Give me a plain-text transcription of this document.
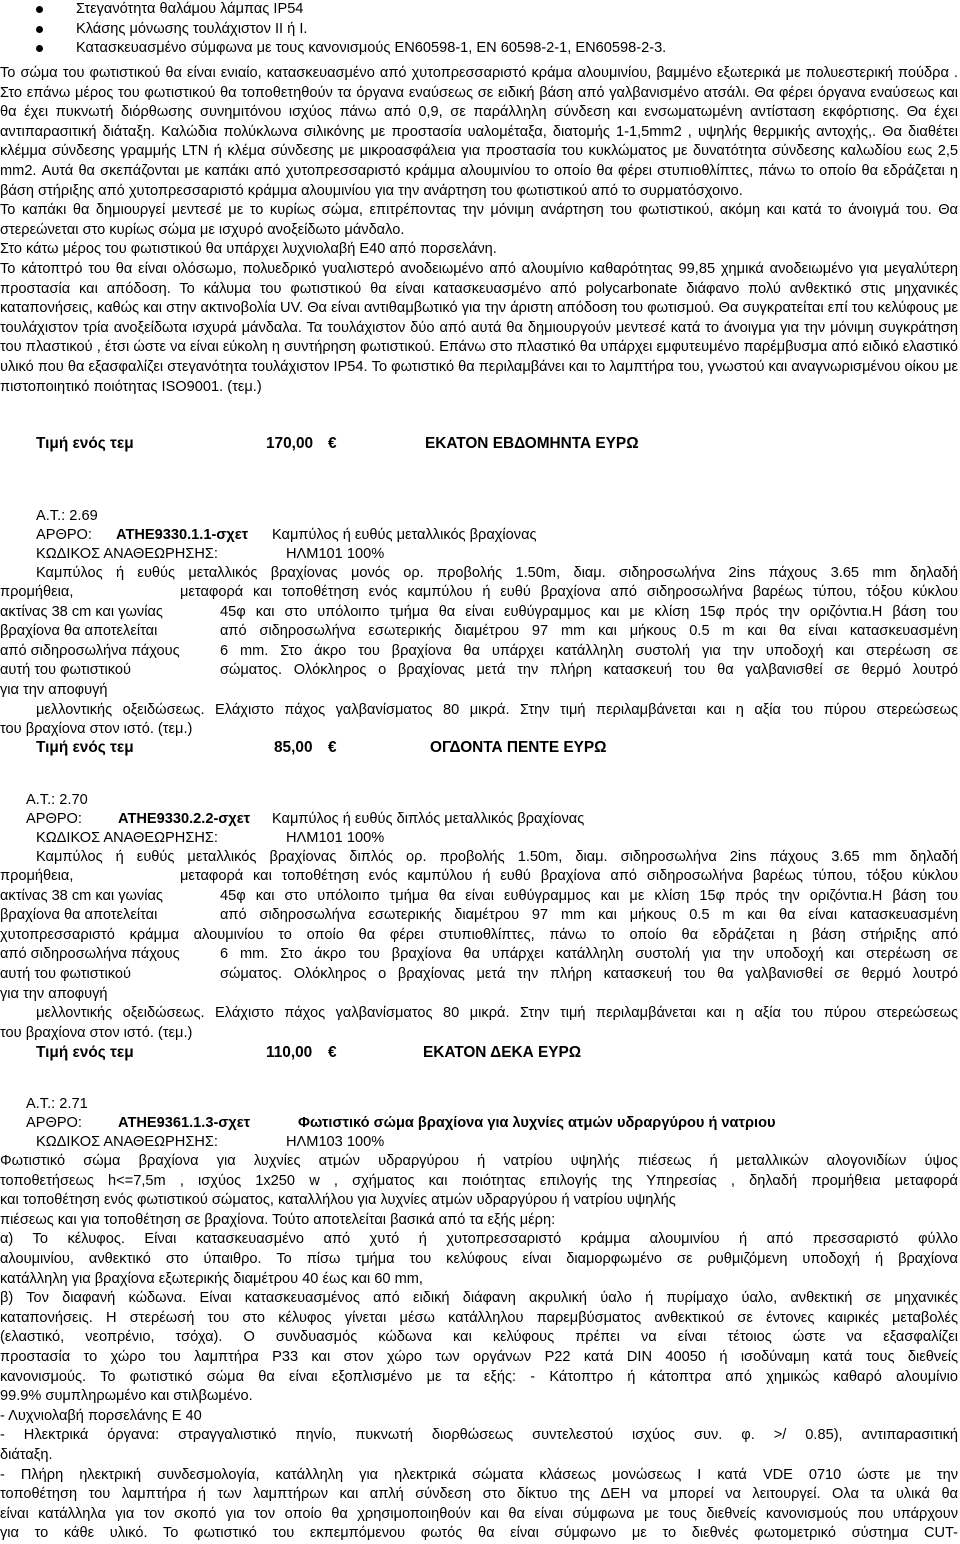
Στεγανότητα θαλάμου λάμπας IP54
Κλάσης μόνωσης τουλάχιστον II ή I.
Κατασκευασμένο σύμφωνα με τους κανονισμούς EN60598-1, EN 60598-2-1, EN60598-2-3.

Το σώμα του φωτιστικού θα είναι ενιαίο, κατασκευασμένο από χυτοπρεσσαριστό κράμα αλουμινίου, βαμμένο εξωτερικά με πολυεστερική πούδρα . Στο επάνω μέρος του φωτιστικού θα τοποθετηθούν τα όργανα εναύσεως σε ειδική βάση από γαλβανισμένο ατσάλι. Θα φέρει όργανα εναύσεως και θα έχει πυκνωτή διόρθωσης συνημιτόνου ισχύος πάνω από 0,9, σε παράλληλη σύνδεση και ενσωματωμένη αντίσταση εκφόρτισης. Θα έχει αντιπαρασιτική διάταξη. Καλώδια πολύκλωνα σιλικόνης με προστασία υαλομέταξα, διατομής 1-1,5mm2 , υψηλής θερμικής αντοχής,. Θα διαθέτει κλέμμα σύνδεσης γραμμής LTN ή κλέμα σύνδεσης με μικροασφάλεια για προστασία του κυκλώματος με δυνατότητα σύνδεσης καλωδίου εως 2,5 mm2. Αυτά θα σκεπάζονται με καπάκι από χυτοπρεσσαριστό κράμμα αλουμινίου το οποίο θα φέρει στυπιοθλίπτες, πάνω το οποίο θα εδράζεται η βάση στήριξης από χυτοπρεσσαριστό κράμμα αλουμινίου για την ανάρτηση του φωτιστικού από το συρματόσχοινο.

Το καπάκι θα δημιουργεί μεντεσέ με το κυρίως σώμα, επιτρέποντας την μόνιμη ανάρτηση του φωτιστικού, ακόμη και κατά το άνοιγμά του. Θα στερεώνεται στο κυρίως σώμα με ισχυρό ανοξείδωτο μάνδαλο.

Στο κάτω μέρος του φωτιστικού θα υπάρχει λυχνιολαβή Ε40 από πορσελάνη.

Το κάτοπτρό του θα είναι ολόσωμο, πολυεδρικό γυαλιστερό ανοδειωμένο από αλουμίνιο καθαρότητας 99,85 χημικά ανοδειωμένο για μεγαλύτερη προστασία και απόδοση. Το κάλυμα του φωτιστικού θα είναι κατασκευασμένο από polycarbonate διάφανο πολύ ανθεκτικό στις μηχανικές καταπονήσεις, καθώς και στην ακτινοβολία UV. Θα είναι αντιθαμβωτικό για την άριστη απόδοση του φωτισμού. Θα συγκρατείται επί του κελύφους με τουλάχιστον τρία ανοξείδωτα ισχυρά μάνδαλα. Τα τουλάχιστον δύο από αυτά θα δημιουργούν μεντεσέ κατά το άνοιγμα για την μόνιμη συγκράτηση του πλαστικού , έτσι ώστε να είναι εύκολη η συντήρηση φωτιστικού. Επάνω στο πλαστικό θα υπάρχει εμφυτευμένο παρέμβυσμα από ειδικό ελαστικό υλικό που θα εξασφαλίζει στεγανότητα τουλάχιστον IP54. Το φωτιστικό θα περιλαμβάνει και το λαμπτήρα του, γνωστού και αναγνωρισμένου οίκου με πιστοποιητικό ποιότητας ISO9001. (τεμ.)

Τιμή ενός τεμ	170,00 €	ΕΚΑΤΟΝ ΕΒΔΟΜΗΝΤΑ ΕΥΡΩ
Α.Τ.: 2.69
ΑΡΘΡΟ: ATHE9330.1.1-σχετ Καμπύλος ή ευθύς μεταλλικός βραχίονας
ΚΩΔΙΚΟΣ ΑΝΑΘΕΩΡΗΣΗΣ:	ΗΛΜ101 100%
Καμπύλος ή ευθύς μεταλλικός βραχίονας μονός ορ. προβολής 1.50m, διαμ. σιδηροσωλήνα 2ins πάχους 3.65 mm δηλαδή
προμήθεια,	μεταφορά και τοποθέτηση ενός καμπύλου ή ευθύ βραχίονα από σιδηροσωλήνα βαρέως τύπου, τόξου κύκλου
ακτίνας 38 cm και γωνίας	45φ και στο υπόλοιπο τμήμα θα είναι ευθύγραμμος και με κλίση 15φ πρός την οριζόντια.Η βάση του
βραχίονα θα αποτελείται	από σιδηροσωλήνα εσωτερικής διαμέτρου 97 mm και μήκους 0.5 m και θα είναι κατασκευασμένη
από σιδηροσωλήνα πάχους	6 mm. Στο άκρο του βραχίονα θα υπάρχει κατάλληλη συστολή για την υποδοχή και στερέωση σε
αυτή του φωτιστικού	σώματος. Ολόκληρος ο βραχίονας μετά την πλήρη κατασκευή του θα γαλβανισθεί σε θερμό λουτρό
για την αποφυγή
μελλοντικής οξειδώσεως. Ελάχιστο πάχος γαλβανίσματος 80 μικρά. Στην τιμή περιλαμβάνεται και η αξία του πύρου στερεώσεως
του βραχίονα στον ιστό. (τεμ.)
Τιμή ενός τεμ	85,00 €	ΟΓΔΟΝΤΑ ΠΕΝΤΕ ΕΥΡΩ
Α.Τ.: 2.70
ΑΡΘΡΟ: ATHE9330.2.2-σχετ Καμπύλος ή ευθύς διπλός μεταλλικός βραχίονας
ΚΩΔΙΚΟΣ ΑΝΑΘΕΩΡΗΣΗΣ:	ΗΛΜ101 100%
Καμπύλος ή ευθύς μεταλλικός βραχίονας διπλός ορ. προβολής 1.50m, διαμ. σιδηροσωλήνα 2ins πάχους 3.65 mm δηλαδή
προμήθεια,	μεταφορά και τοποθέτηση ενός καμπύλου ή ευθύ βραχίονα από σιδηροσωλήνα βαρέως τύπου, τόξου κύκλου
ακτίνας 38 cm και γωνίας	45φ και στο υπόλοιπο τμήμα θα είναι ευθύγραμμος και με κλίση 15φ πρός την οριζόντια.Η βάση του
βραχίονα θα αποτελείται	από σιδηροσωλήνα εσωτερικής διαμέτρου 97 mm και μήκους 0.5 m και θα είναι κατασκευασμένη
χυτοπρεσσαριστό κράμμα αλουμινίου το οποίο θα φέρει στυπιοθλίπτες, πάνω το οποίο θα εδράζεται η βάση στήριξης από
από σιδηροσωλήνα πάχους	6 mm. Στο άκρο του βραχίονα θα υπάρχει κατάλληλη συστολή για την υποδοχή και στερέωση σε
αυτή του φωτιστικού	σώματος. Ολόκληρος ο βραχίονας μετά την πλήρη κατασκευή του θα γαλβανισθεί σε θερμό λουτρό
για την αποφυγή
μελλοντικής οξειδώσεως. Ελάχιστο πάχος γαλβανίσματος 80 μικρά. Στην τιμή περιλαμβάνεται και η αξία του πύρου στερεώσεως
του βραχίονα στον ιστό. (τεμ.)
Τιμή ενός τεμ	110,00 €	ΕΚΑΤΟΝ ΔΕΚΑ ΕΥΡΩ
Α.Τ.: 2.71
ΑΡΘΡΟ: ATHE9361.1.3-σχετ	Φωτιστικό σώμα βραχίονα για λυχνίες ατμών υδραργύρου ή νατριου
ΚΩΔΙΚΟΣ ΑΝΑΘΕΩΡΗΣΗΣ:	ΗΛΜ103 100%
Φωτιστικό σώμα βραχίονα για λυχνίες ατμών υδραργύρου ή νατρίου υψηλής πιέσεως ή μεταλλικών αλογονιδίων ύψος
τοποθετήσεως h<=7,5m , ισχύος 1x250 w , σχήματος και ποιότητας επιλογής της Υπηρεσίας , δηλαδή προμήθεια μεταφορά
και τοποθέτηση ενός φωτιστικού σώματος, καταλλήλου για λυχνίες ατμών υδραργύρου ή νατρίου υψηλής
πιέσεως και για τοποθέτηση σε βραχίονα. Τούτο αποτελείται βασικά από τα εξής μέρη:
α) Το κέλυφος. Είναι κατασκευασμένο από χυτό ή χυτοπρεσσαριστό κράμμα αλουμινίου ή από πρεσσαριστό φύλλο
αλουμινίου, ανθεκτικό στο ύπαιθρο. Το πίσω τμήμα του κελύφους είναι διαμορφωμένο σε ρυθμιζόμενη υποδοχή ή βραχίονα
κατάλληλη για βραχίονα εξωτερικής διαμέτρου 40 έως και 60 mm,
β) Τον διαφανή κώδωνα. Είναι κατασκευασμένος από ειδική διάφανη ακρυλική ύαλο ή πυρίμαχο ύαλο, ανθεκτική σε μηχανικές
καταπονήσεις. Η στερέωσή του στο κέλυφος γίνεται μέσω κατάλληλου παρεμβύσματος ανθεκτικού σε έντονες καιρικές μεταβολές
(ελαστικό, νεοπρένιο, τσόχα). Ο συνδυασμός κώδωνα και κελύφους πρέπει να είναι τέτοιος ώστε να εξασφαλίζει
προστασία το χώρο του λαμπτήρα P33 και στον χώρο των οργάνων P22 κατά DIN 40050 ή ισοδύναμη κατά τους διεθνείς
κανονισμούς. Το φωτιστικό σώμα θα είναι εξοπλισμένο με τα εξής: - Κάτοπτρο ή κάτοπτρα από χημικώς καθαρό αλουμίνιο
99.9% συμπληρωμένο και στιλβωμένο.
- Λυχνιολαβή πορσελάνης Ε 40
- Ηλεκτρικά όργανα: στραγγαλιστικό πηνίο, πυκνωτή διορθώσεως συντελεστού ισχύος συν. φ. >/ 0.85), αντιπαρασιτική
διάταξη.
- Πλήρη ηλεκτρική συνδεσμολογία, κατάλληλη για ηλεκτρικά σώματα κλάσεως μονώσεως Ι κατά VDE 0710 ώστε με την
τοποθέτηση του λαμπτήρα ή των λαμπτήρων και απλή σύνδεση στο δίκτυο της ΔΕΗ να μπορεί να λειτουργεί. Ολα τα υλικά θα
είναι κατάλληλα για τον σκοπό για τον οποίο θα χρησιμοποιηθούν και θα είναι σύμφωνα με τους διεθνείς κανονισμούς που υπάρχουν
για το κάθε υλικό. Το φωτιστικό του εκπεμπόμενου φωτός θα είναι σύμφωνο με το διεθνές φωτομετρικό σύστημα CUT-
